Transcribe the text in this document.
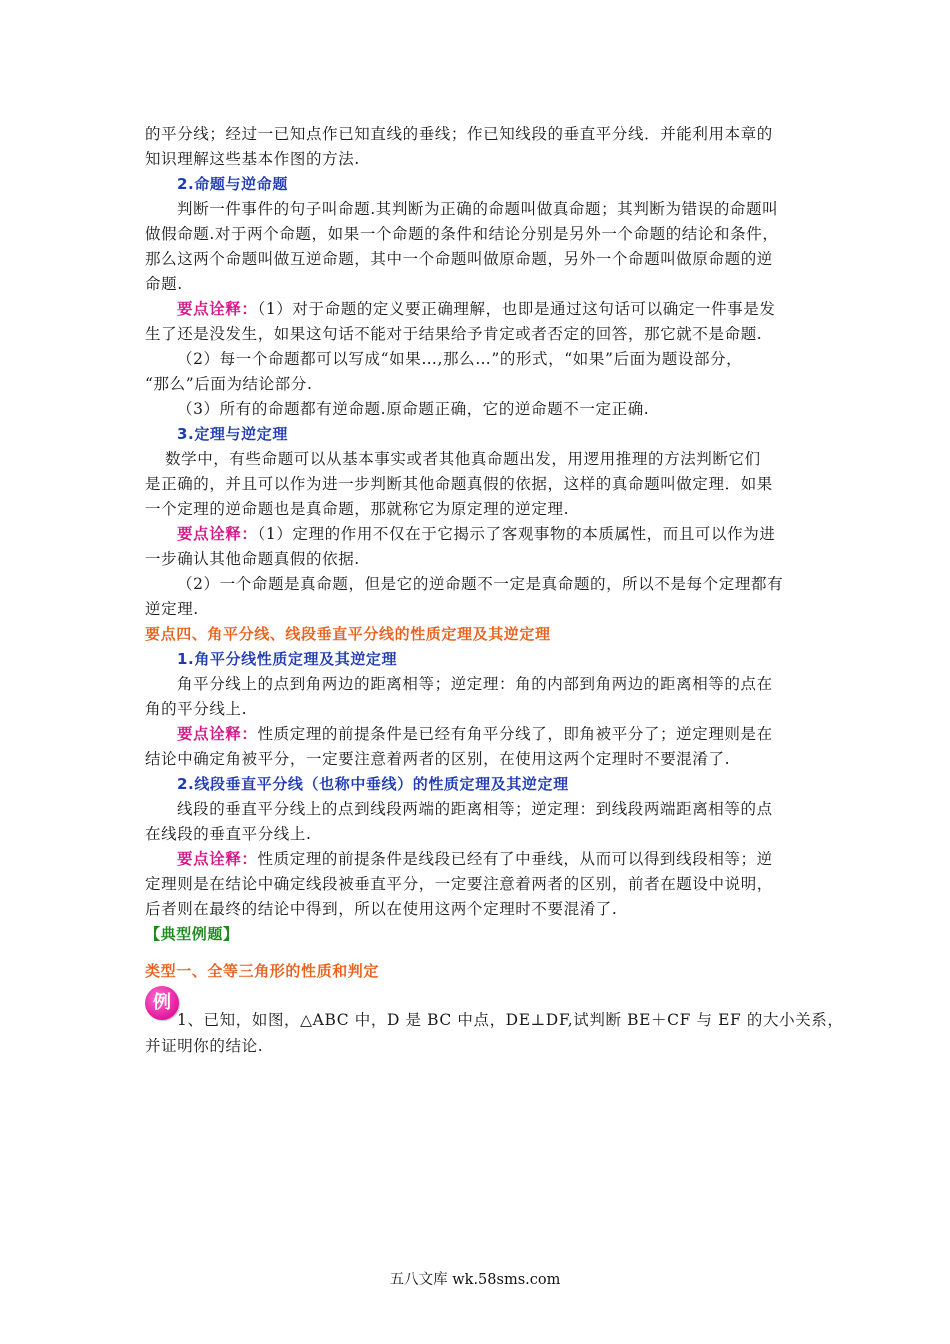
的平分线；经过一已知点作已知直线的垂线；作已知线段的垂直平分线．并能利用本章的
知识理解这些基本作图的方法.
2.命题与逆命题
判断一件事件的句子叫命题.其判断为正确的命题叫做真命题；其判断为错误的命题叫
做假命题.对于两个命题，如果一个命题的条件和结论分别是另外一个命题的结论和条件，
那么这两个命题叫做互逆命题，其中一个命题叫做原命题，另外一个命题叫做原命题的逆
命题.
要点诠释：（1）对于命题的定义要正确理解，也即是通过这句话可以确定一件事是发
生了还是没发生，如果这句话不能对于结果给予肯定或者否定的回答，那它就不是命题.
（2）每一个命题都可以写成“如果…,那么…”的形式，“如果”后面为题设部分，
“那么”后面为结论部分.
（3）所有的命题都有逆命题.原命题正确，它的逆命题不一定正确.
3.定理与逆定理
数学中，有些命题可以从基本事实或者其他真命题出发，用逻用推理的方法判断它们
是正确的，并且可以作为进一步判断其他命题真假的依据，这样的真命题叫做定理．如果
一个定理的逆命题也是真命题，那就称它为原定理的逆定理.
要点诠释：（1）定理的作用不仅在于它揭示了客观事物的本质属性，而且可以作为进
一步确认其他命题真假的依据.
（2）一个命题是真命题，但是它的逆命题不一定是真命题的，所以不是每个定理都有
逆定理.
要点四、角平分线、线段垂直平分线的性质定理及其逆定理
1.角平分线性质定理及其逆定理
角平分线上的点到角两边的距离相等；逆定理：角的内部到角两边的距离相等的点在
角的平分线上.
要点诠释：性质定理的前提条件是已经有角平分线了，即角被平分了；逆定理则是在
结论中确定角被平分，一定要注意着两者的区别，在使用这两个定理时不要混淆了.
2.线段垂直平分线（也称中垂线）的性质定理及其逆定理
线段的垂直平分线上的点到线段两端的距离相等；逆定理：到线段两端距离相等的点
在线段的垂直平分线上.
要点诠释：性质定理的前提条件是线段已经有了中垂线，从而可以得到线段相等；逆
定理则是在结论中确定线段被垂直平分，一定要注意着两者的区别，前者在题设中说明，
后者则在最终的结论中得到，所以在使用这两个定理时不要混淆了.
【典型例题】
类型一、全等三角形的性质和判定
例
1、已知，如图，△ABC 中，D 是 BC 中点，DE⊥DF,试判断 BE＋CF 与 EF 的大小关系，
并证明你的结论.
五八文库 wk.58sms.com
